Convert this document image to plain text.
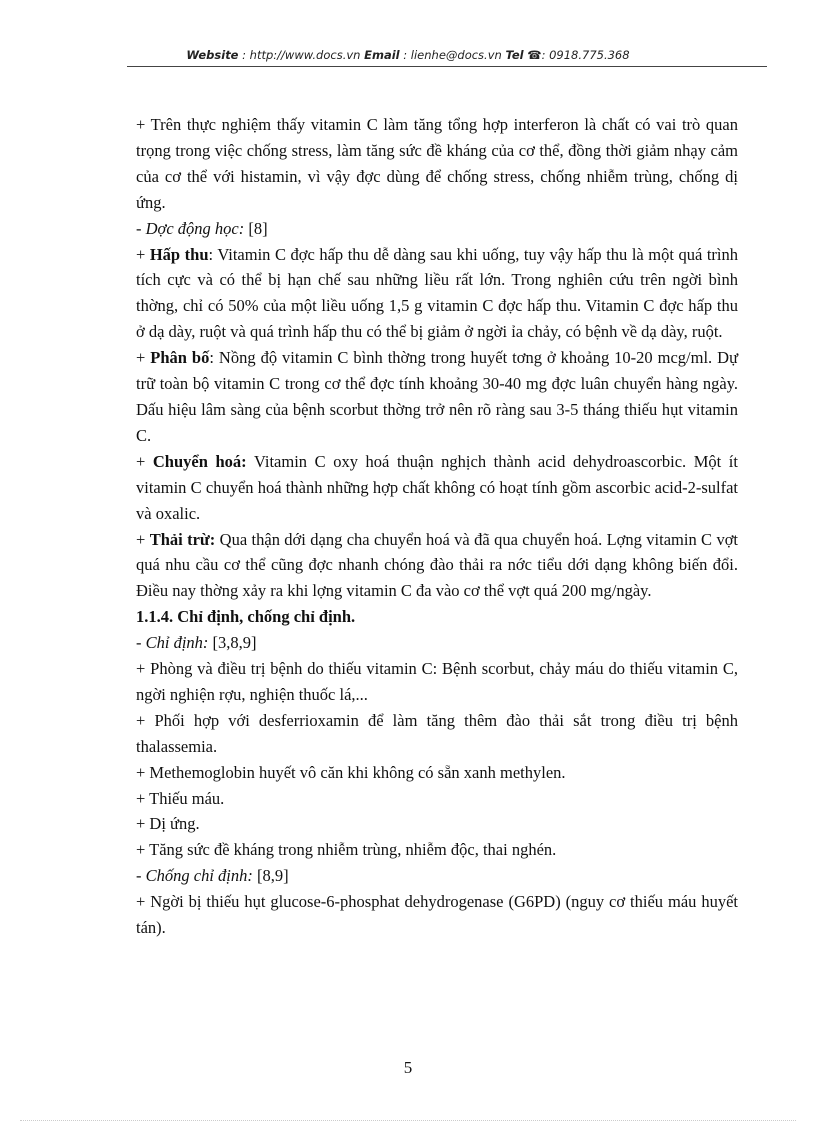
Website : http://www.docs.vn Email : lienhe@docs.vn Tel ☎: 0918.775.368

+ Trên thực nghiệm thấy vitamin C làm tăng tổng hợp interferon là chất có vai trò quan trọng trong việc chống stress, làm tăng sức đề kháng của cơ thể, đồng thời giảm nhạy cảm của cơ thể với histamin, vì vậy đợc dùng để chống stress, chống nhiễm trùng, chống dị ứng.

- Dợc động học: [8]

+ Hấp thu: Vitamin C đợc hấp thu dễ dàng sau khi uống, tuy vậy hấp thu là một quá trình tích cực và có thể bị hạn chế sau những liều rất lớn. Trong nghiên cứu trên ngời bình thờng, chỉ có 50% của một liều uống 1,5 g vitamin C đợc hấp thu. Vitamin C đợc hấp thu ở dạ dày, ruột và quá trình hấp thu có thể bị giảm ở ngời ỉa chảy, có bệnh về dạ dày, ruột.

+ Phân bố: Nồng độ vitamin C bình thờng trong huyết tơng ở khoảng 10-20 mcg/ml. Dự trữ toàn bộ vitamin C trong cơ thể đợc tính khoảng 30-40 mg đợc luân chuyển hàng ngày. Dấu hiệu lâm sàng của bệnh scorbut thờng trở nên rõ ràng sau 3-5 tháng thiếu hụt vitamin C.

+ Chuyển hoá: Vitamin C oxy hoá thuận nghịch thành acid dehydroascorbic. Một ít vitamin C chuyển hoá thành những hợp chất không có hoạt tính gồm ascorbic acid-2-sulfat và oxalic.

+ Thải trừ: Qua thận dới dạng cha chuyển hoá và đã qua chuyển hoá. Lợng vitamin C vợt quá nhu cầu cơ thể cũng đợc nhanh chóng đào thải ra nớc tiểu dới dạng không biến đổi. Điều nay thờng xảy ra khi lợng vitamin C đa vào cơ thể vợt quá 200 mg/ngày.

1.1.4. Chỉ định, chống chỉ định.

- Chỉ định: [3,8,9]

+ Phòng và điều trị bệnh do thiếu vitamin C: Bệnh scorbut, chảy máu do thiếu vitamin C, ngời nghiện rợu, nghiện thuốc lá,...

+ Phối hợp với desferrioxamin để làm tăng thêm đào thải sắt trong điều trị bệnh thalassemia.

+ Methemoglobin huyết vô căn khi không có sẵn xanh methylen.

+ Thiếu máu.

+ Dị ứng.

+ Tăng sức đề kháng trong nhiễm trùng, nhiễm độc, thai nghén.

- Chống chỉ định: [8,9]

+ Ngời bị thiếu hụt glucose-6-phosphat dehydrogenase (G6PD) (nguy cơ thiếu máu huyết tán).

5
